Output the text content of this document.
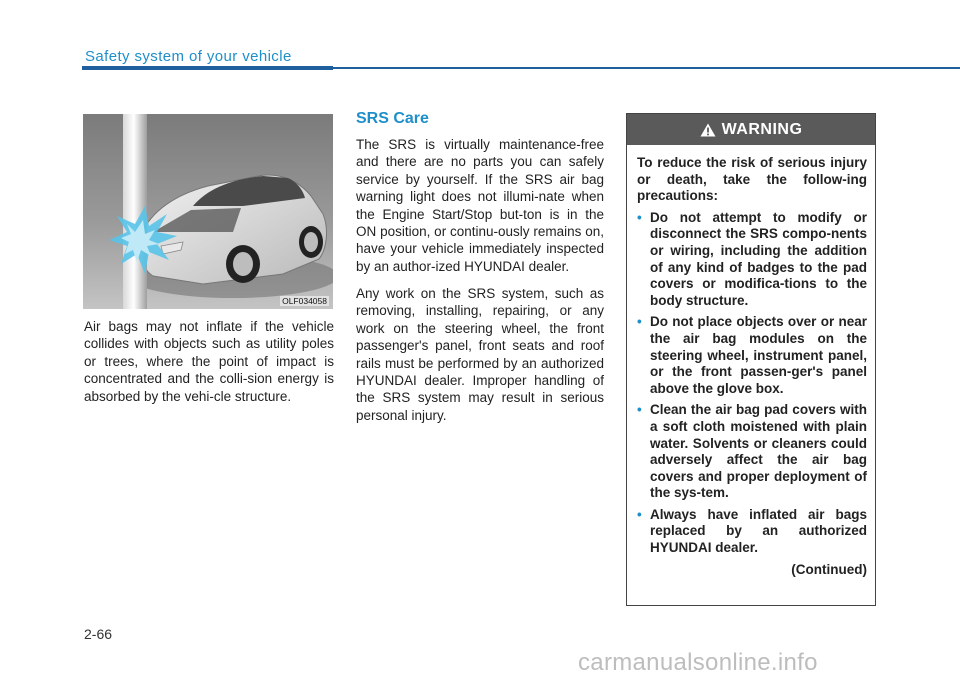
Safety system of your vehicle
OLF034058

Air bags may not inflate if the vehicle collides with objects such as utility poles or trees, where the point of impact is concentrated and the colli-sion energy is absorbed by the vehi-cle structure.

SRS Care

The SRS is virtually maintenance-free and there are no parts you can safely service by yourself. If the SRS air bag warning light does not illumi-nate when the Engine Start/Stop but-ton is in the ON position, or continu-ously remains on, have your vehicle immediately inspected by an author-ized HYUNDAI dealer.

Any work on the SRS system, such as removing, installing, repairing, or any work on the steering wheel, the front passenger's panel, front seats and roof rails must be performed by an authorized HYUNDAI dealer. Improper handling of the SRS system may result in serious personal injury.

WARNING

To reduce the risk of serious injury or death, take the follow-ing precautions:

• Do not attempt to modify or disconnect the SRS compo-nents or wiring, including the addition of any kind of badges to the pad covers or modifica-tions to the body structure.
• Do not place objects over or near the air bag modules on the steering wheel, instrument panel, or the front passen-ger's panel above the glove box.
• Clean the air bag pad covers with a soft cloth moistened with plain water. Solvents or cleaners could adversely affect the air bag covers and proper deployment of the sys-tem.
• Always have inflated air bags replaced by an authorized HYUNDAI dealer.
(Continued)
2-66
carmanualsonline.info
